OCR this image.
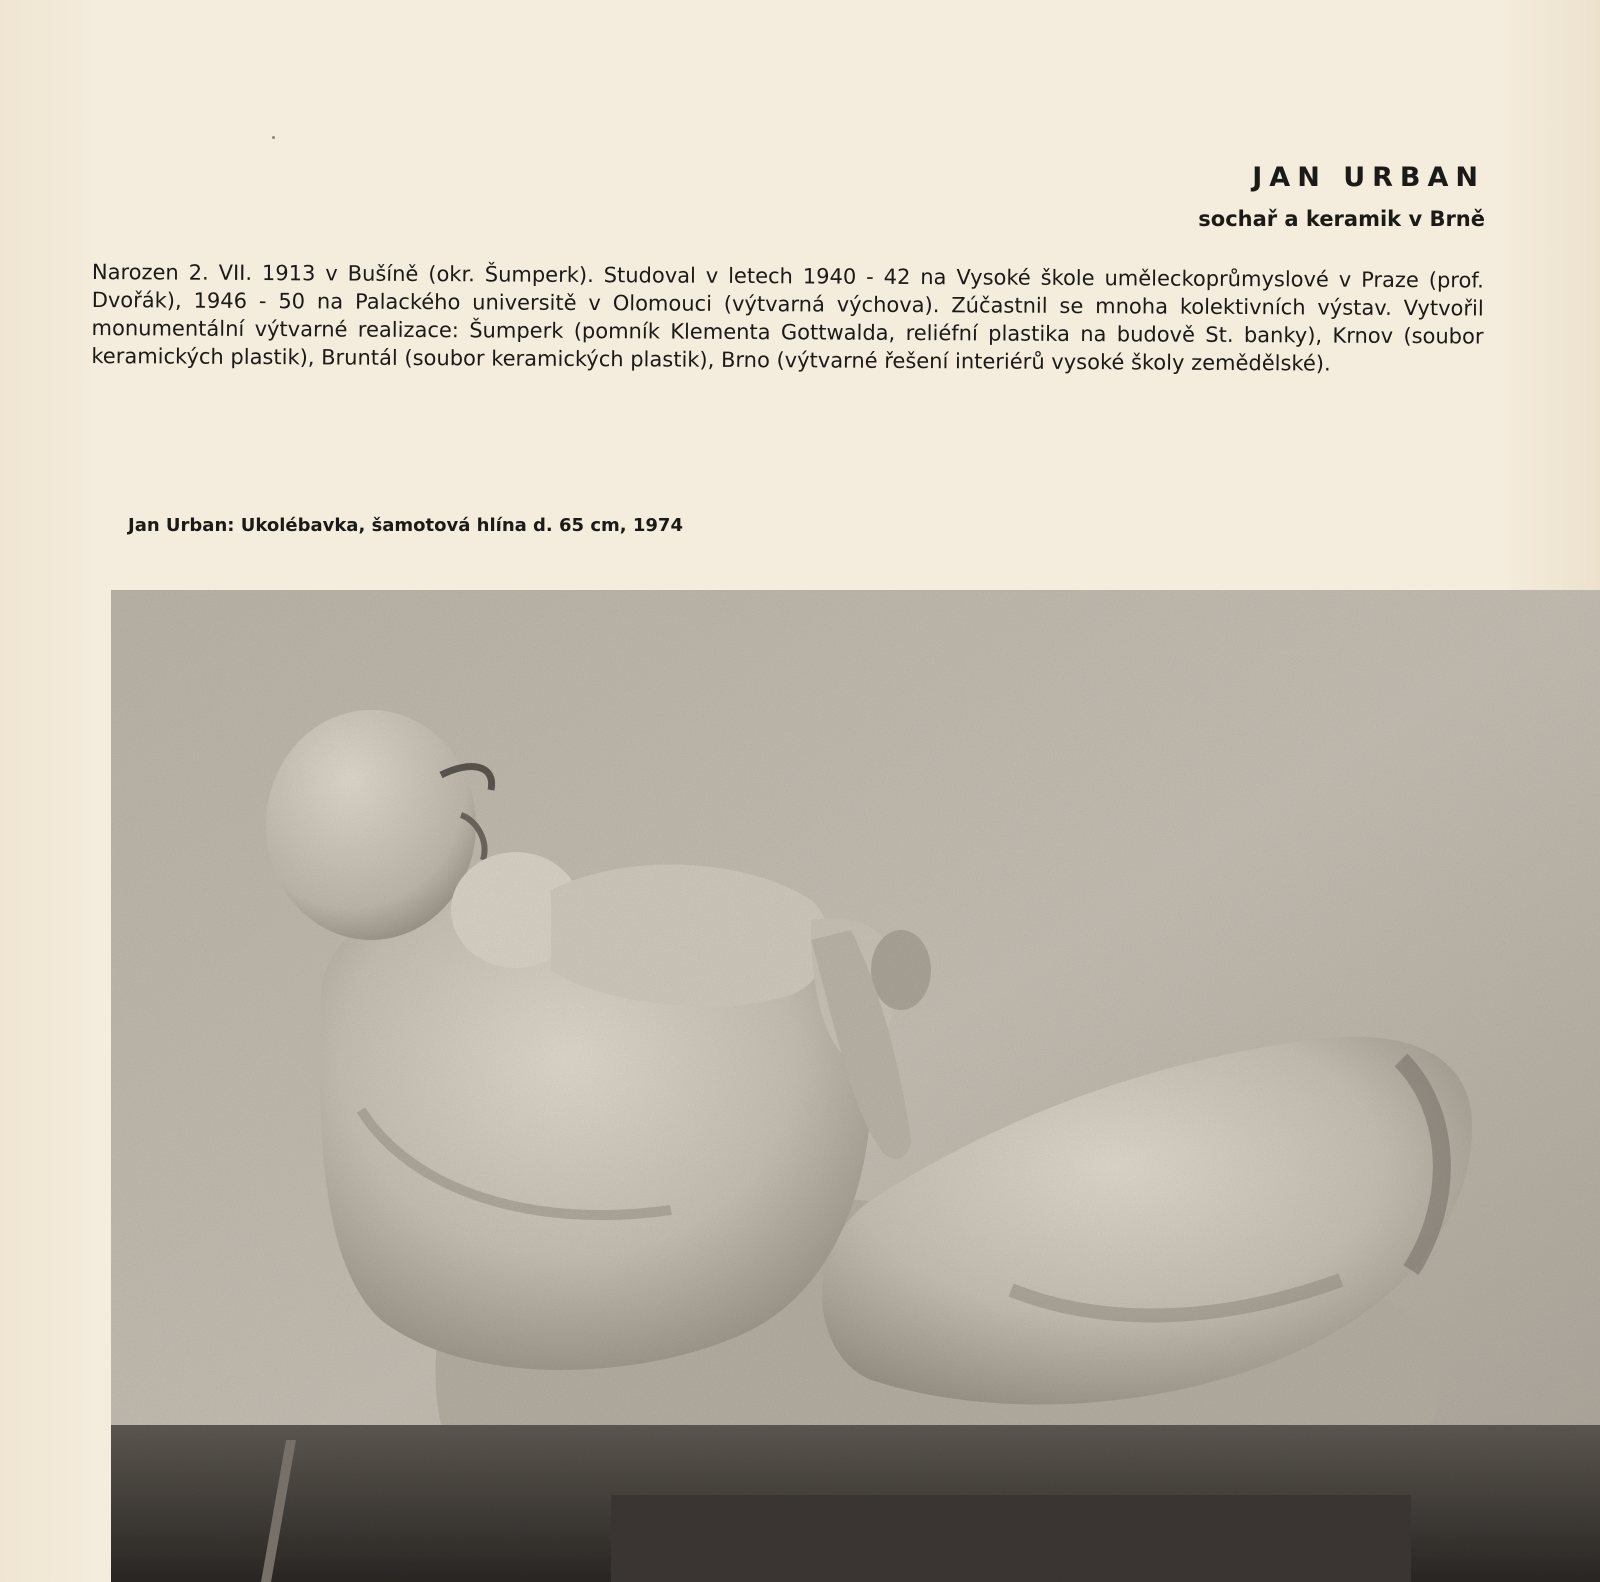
JAN URBAN

sochař a keramik v Brně

Narozen 2. VII. 1913 v Bušíně (okr. Šumperk). Studoval v letech 1940 - 42 na Vysoké škole uměleckoprůmyslové v Praze (prof. Dvořák), 1946 - 50 na Palackého universitě v Olomouci (výtvarná výchova). Zúčastnil se mnoha kolektivních výstav. Vytvořil monumentální výtvarné realizace: Šumperk (pomník Klementa Gottwalda, reliéfní plastika na budově St. banky), Krnov (soubor keramických plastik), Bruntál (soubor keramických plastik), Brno (výtvarné řešení interiérů vysoké školy zemědělské).

Jan Urban: Ukolébavka, šamotová hlína d. 65 cm, 1974
